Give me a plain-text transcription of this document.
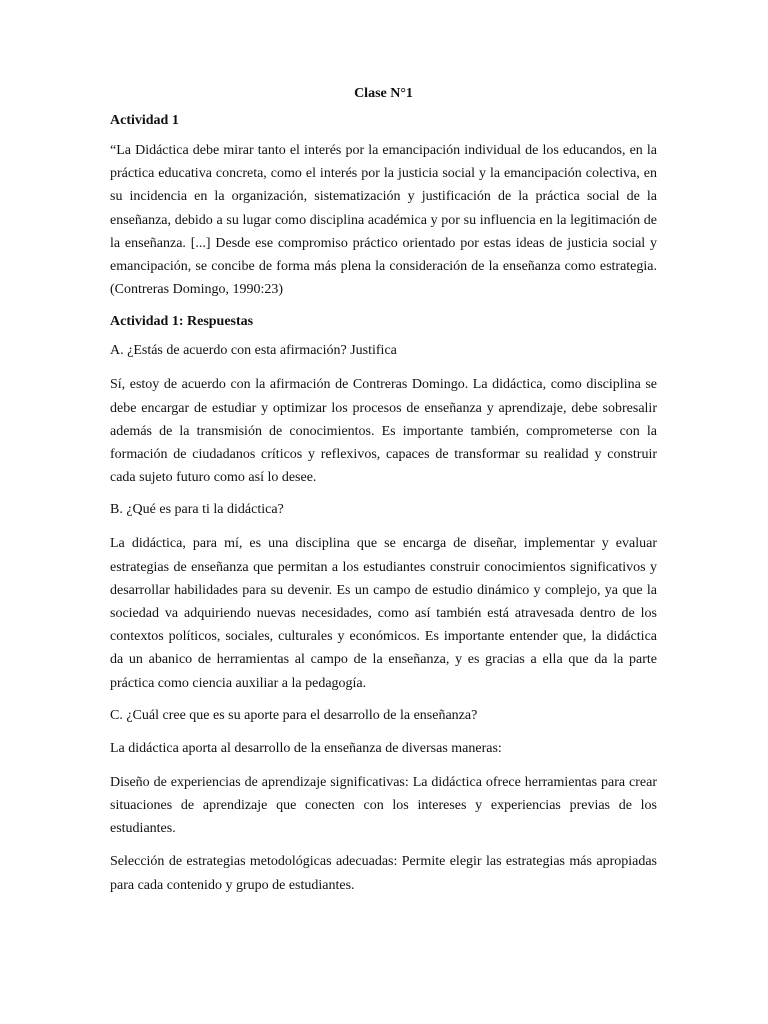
Clase N°1
Actividad 1
“La Didáctica debe mirar tanto el interés por la emancipación individual de los educandos, en la práctica educativa concreta, como el interés por la justicia social y la emancipación colectiva, en su incidencia en la organización, sistematización y justificación de la práctica social de la enseñanza, debido a su lugar como disciplina académica y por su influencia en la legitimación de la enseñanza. [...] Desde ese compromiso práctico orientado por estas ideas de justicia social y emancipación, se concibe de forma más plena la consideración de la enseñanza como estrategia. (Contreras Domingo, 1990:23)
Actividad 1: Respuestas
A. ¿Estás de acuerdo con esta afirmación? Justifica
Sí, estoy de acuerdo con la afirmación de Contreras Domingo. La didáctica, como disciplina se debe encargar de estudiar y optimizar los procesos de enseñanza y aprendizaje, debe sobresalir además de la transmisión de conocimientos. Es importante también, comprometerse con la formación de ciudadanos críticos y reflexivos, capaces de transformar su realidad y construir cada sujeto futuro como así lo desee.
B. ¿Qué es para ti la didáctica?
La didáctica, para mí, es una disciplina que se encarga de diseñar, implementar y evaluar estrategias de enseñanza que permitan a los estudiantes construir conocimientos significativos y desarrollar habilidades para su devenir. Es un campo de estudio dinámico y complejo, ya que la sociedad va adquiriendo nuevas necesidades, como así también está atravesada dentro de los contextos políticos, sociales, culturales y económicos. Es importante entender que, la didáctica da un abanico de herramientas al campo de la enseñanza, y es gracias a ella que da la parte práctica como ciencia auxiliar a la pedagogía.
C. ¿Cuál cree que es su aporte para el desarrollo de la enseñanza?
La didáctica aporta al desarrollo de la enseñanza de diversas maneras:
Diseño de experiencias de aprendizaje significativas: La didáctica ofrece herramientas para crear situaciones de aprendizaje que conecten con los intereses y experiencias previas de los estudiantes.
Selección de estrategias metodológicas adecuadas: Permite elegir las estrategias más apropiadas para cada contenido y grupo de estudiantes.
